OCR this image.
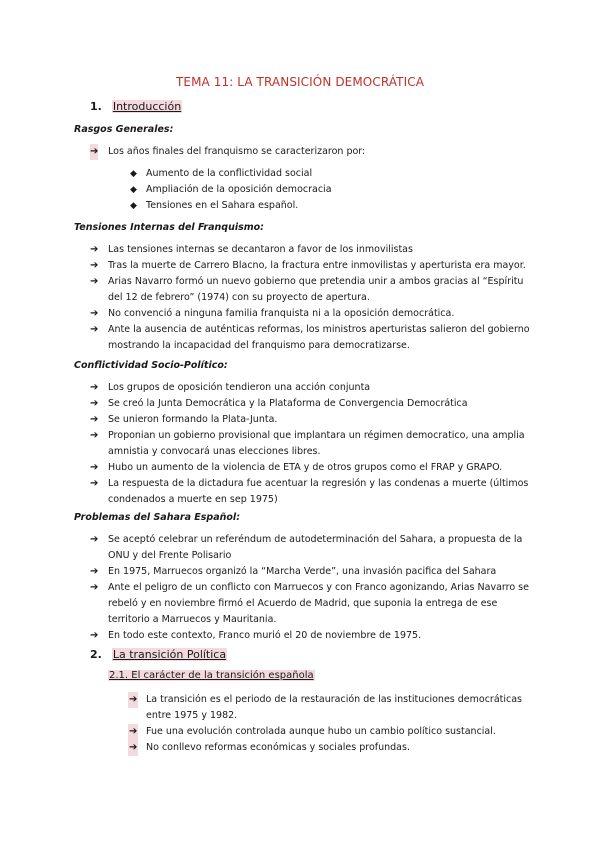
TEMA 11: LA TRANSICIÓN DEMOCRÁTICA
1. Introducción
Rasgos Generales:
➔	Los años finales del franquismo se caracterizaron por:
◆ Aumento de la conflictividad social
◆ Ampliación de la oposición democracia
◆ Tensiones en el Sahara español.
Tensiones Internas del Franquismo:
➔	Las tensiones internas se decantaron a favor de los inmovilistas
➔	Tras la muerte de Carrero Blacno, la fractura entre inmovilistas y aperturista era mayor.
➔	Arias Navarro formó un nuevo gobierno que pretendia unir a ambos gracias al “Espíritu del 12 de febrero” (1974) con su proyecto de apertura.
➔	No convenció a ninguna familia franquista ni a la oposición democrática.
➔	Ante la ausencia de auténticas reformas, los ministros aperturistas salieron del gobierno mostrando la incapacidad del franquismo para democratizarse.
Conflictividad Socio-Político:
➔	Los grupos de oposición tendieron una acción conjunta
➔	Se creó la Junta Democrática y la Plataforma de Convergencia Democrática
➔	Se unieron formando la Plata-Junta.
➔	Proponian un gobierno provisional que implantara un régimen democratico, una amplia amnistia y convocará unas elecciones libres.
➔	Hubo un aumento de la violencia de ETA y de otros grupos como el FRAP y GRAPO.
➔	La respuesta de la dictadura fue acentuar la regresión y las condenas a muerte (últimos condenados a muerte en sep 1975)
Problemas del Sahara Español:
➔	Se aceptó celebrar un referéndum de autodeterminación del Sahara, a propuesta de la ONU y del Frente Polisario
➔	En 1975, Marruecos organizó la “Marcha Verde”, una invasión pacifica del Sahara
➔	Ante el peligro de un conflicto con Marruecos y con Franco agonizando, Arias Navarro se rebeló y en noviembre firmó el Acuerdo de Madrid, que suponia la entrega de ese territorio a Marruecos y Mauritania.
➔	En todo este contexto, Franco murió el 20 de noviembre de 1975.
2. La transición Política
2.1. El carácter de la transición española
➔ La transición es el periodo de la restauración de las instituciones democráticas entre 1975 y 1982.
➔ Fue una evolución controlada aunque hubo un cambio político sustancial.
➔ No conllevo reformas económicas y sociales profundas.
